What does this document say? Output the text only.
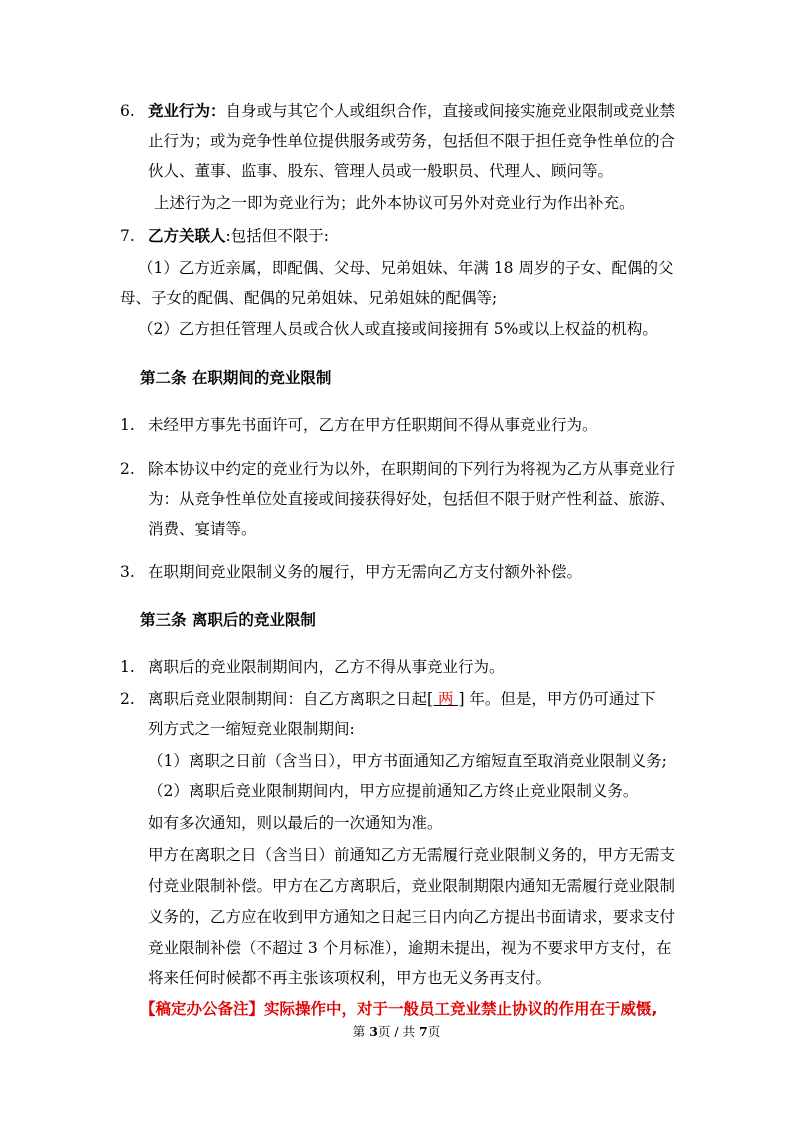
6. 竞业行为：自身或与其它个人或组织合作，直接或间接实施竞业限制或竞业禁
止行为；或为竞争性单位提供服务或劳务，包括但不限于担任竞争性单位的合
伙人、董事、监事、股东、管理人员或一般职员、代理人、顾问等。
上述行为之一即为竞业行为；此外本协议可另外对竞业行为作出补充。
7. 乙方关联人:包括但不限于:
（1）乙方近亲属，即配偶、父母、兄弟姐妹、年满 18 周岁的子女、配偶的父
母、子女的配偶、配偶的兄弟姐妹、兄弟姐妹的配偶等;
（2）乙方担任管理人员或合伙人或直接或间接拥有 5%或以上权益的机构。
第二条 在职期间的竞业限制
1. 未经甲方事先书面许可，乙方在甲方任职期间不得从事竞业行为。
2. 除本协议中约定的竞业行为以外，在职期间的下列行为将视为乙方从事竞业行
为：从竞争性单位处直接或间接获得好处，包括但不限于财产性利益、旅游、
消费、宴请等。
3. 在职期间竞业限制义务的履行，甲方无需向乙方支付额外补偿。
第三条 离职后的竞业限制
1. 离职后的竞业限制期间内，乙方不得从事竞业行为。
2. 离职后竞业限制期间：自乙方离职之日起[ 两 ] 年。但是，甲方仍可通过下
列方式之一缩短竞业限制期间:
（1）离职之日前（含当日），甲方书面通知乙方缩短直至取消竞业限制义务;
（2）离职后竞业限制期间内，甲方应提前通知乙方终止竞业限制义务。
如有多次通知，则以最后的一次通知为准。
甲方在离职之日（含当日）前通知乙方无需履行竞业限制义务的，甲方无需支
付竞业限制补偿。甲方在乙方离职后，竞业限制期限内通知无需履行竞业限制
义务的，乙方应在收到甲方通知之日起三日内向乙方提出书面请求，要求支付
竞业限制补偿（不超过 3 个月标准），逾期未提出，视为不要求甲方支付，在
将来任何时候都不再主张该项权利，甲方也无义务再支付。
【稿定办公备注】实际操作中，对于一般员工竞业禁止协议的作用在于威慑,
第 3页 / 共 7页
